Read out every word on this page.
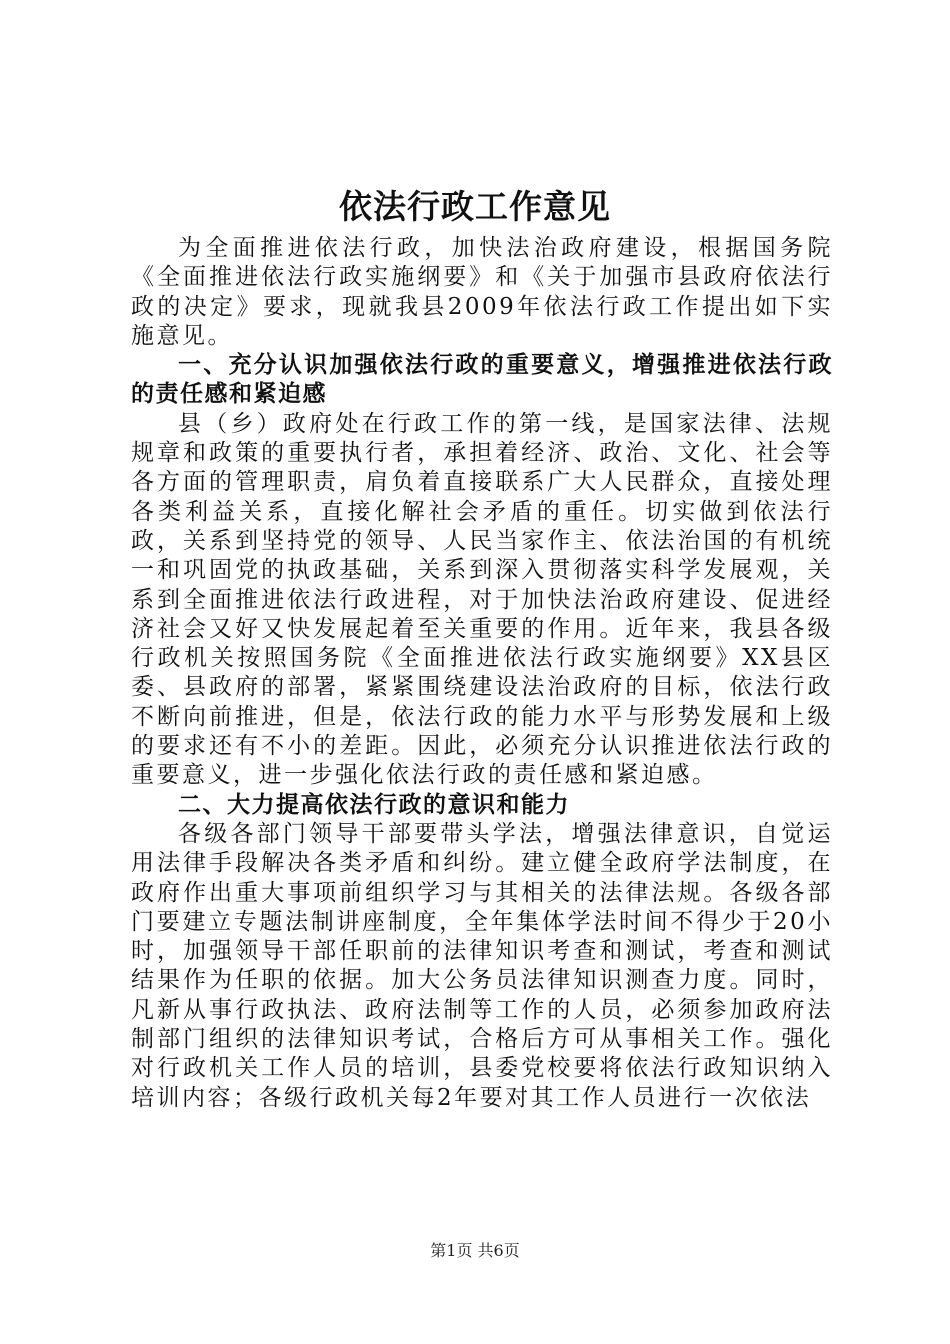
依法行政工作意见

为全面推进依法行政，加快法治政府建设，根据国务院《全面推进依法行政实施纲要》和《关于加强市县政府依法行政的决定》要求，现就我县2009年依法行政工作提出如下实施意见。

一、充分认识加强依法行政的重要意义，增强推进依法行政的责任感和紧迫感

县（乡）政府处在行政工作的第一线，是国家法律、法规规章和政策的重要执行者，承担着经济、政治、文化、社会等各方面的管理职责，肩负着直接联系广大人民群众，直接处理各类利益关系，直接化解社会矛盾的重任。切实做到依法行政，关系到坚持党的领导、人民当家作主、依法治国的有机统一和巩固党的执政基础，关系到深入贯彻落实科学发展观，关系到全面推进依法行政进程，对于加快法治政府建设、促进经济社会又好又快发展起着至关重要的作用。近年来，我县各级行政机关按照国务院《全面推进依法行政实施纲要》XX县区委、县政府的部署，紧紧围绕建设法治政府的目标，依法行政不断向前推进，但是，依法行政的能力水平与形势发展和上级的要求还有不小的差距。因此，必须充分认识推进依法行政的重要意义，进一步强化依法行政的责任感和紧迫感。

二、大力提高依法行政的意识和能力

各级各部门领导干部要带头学法，增强法律意识，自觉运用法律手段解决各类矛盾和纠纷。建立健全政府学法制度，在政府作出重大事项前组织学习与其相关的法律法规。各级各部门要建立专题法制讲座制度，全年集体学法时间不得少于20小时，加强领导干部任职前的法律知识考查和测试，考查和测试结果作为任职的依据。加大公务员法律知识测查力度。同时，凡新从事行政执法、政府法制等工作的人员，必须参加政府法制部门组织的法律知识考试，合格后方可从事相关工作。强化对行政机关工作人员的培训，县委党校要将依法行政知识纳入培训内容；各级行政机关每2年要对其工作人员进行一次依法

第1页 共6页
